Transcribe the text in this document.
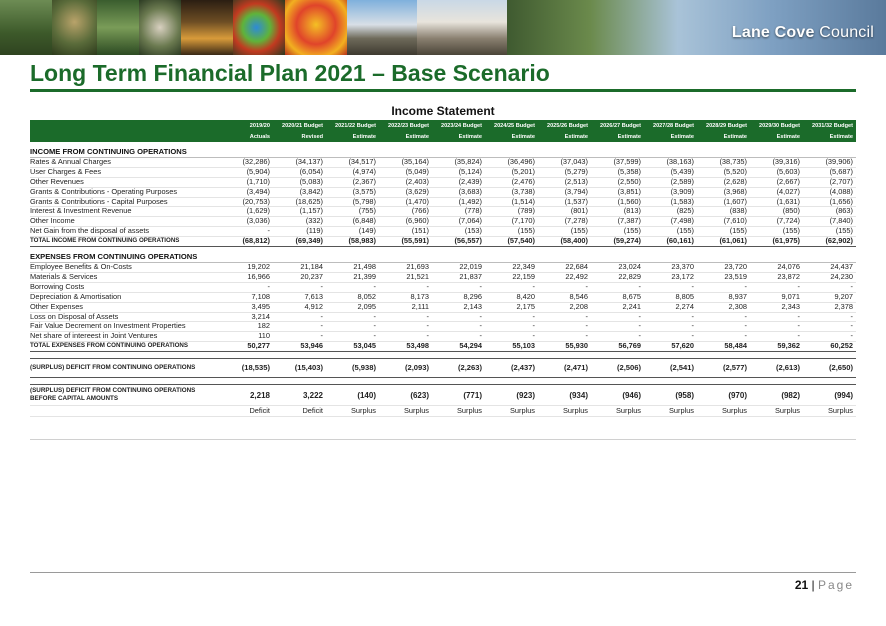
Lane Cove Council
Long Term Financial Plan 2021 – Base Scenario
Income Statement
	2019/20	2020/21 Budget	2021/22 Budget	2022/23 Budget	2023/24 Budget	2024/25 Budget	2025/26 Budget	2026/27 Budget	2027/28 Budget	2028/29 Budget	2029/30 Budget	2031/32 Budget
	Actuals	Revised	Estimate	Estimate	Estimate	Estimate	Estimate	Estimate	Estimate	Estimate	Estimate	Estimate

INCOME FROM CONTINUING OPERATIONS												
Rates & Annual Charges	(32,286)	(34,137)	(34,517)	(35,164)	(35,824)	(36,496)	(37,043)	(37,599)	(38,163)	(38,735)	(39,316)	(39,906)
User Charges & Fees	(5,904)	(6,054)	(4,974)	(5,049)	(5,124)	(5,201)	(5,279)	(5,358)	(5,439)	(5,520)	(5,603)	(5,687)
Other Revenues	(1,710)	(5,083)	(2,367)	(2,403)	(2,439)	(2,476)	(2,513)	(2,550)	(2,589)	(2,628)	(2,667)	(2,707)
Grants & Contributions - Operating Purposes	(3,494)	(3,842)	(3,575)	(3,629)	(3,683)	(3,738)	(3,794)	(3,851)	(3,909)	(3,968)	(4,027)	(4,088)
Grants & Contributions - Capital Purposes	(20,753)	(18,625)	(5,798)	(1,470)	(1,492)	(1,514)	(1,537)	(1,560)	(1,583)	(1,607)	(1,631)	(1,656)
Interest & Investment Revenue	(1,629)	(1,157)	(755)	(766)	(778)	(789)	(801)	(813)	(825)	(838)	(850)	(863)
Other Income	(3,036)	(332)	(6,848)	(6,960)	(7,064)	(7,170)	(7,278)	(7,387)	(7,498)	(7,610)	(7,724)	(7,840)
Net Gain from the disposal of assets	-	(119)	(149)	(151)	(153)	(155)	(155)	(155)	(155)	(155)	(155)	(155)
TOTAL INCOME FROM CONTINUING OPERATIONS	(68,812)	(69,349)	(58,983)	(55,591)	(56,557)	(57,540)	(58,400)	(59,274)	(60,161)	(61,061)	(61,975)	(62,902)

EXPENSES FROM CONTINUING OPERATIONS												
Employee Benefits & On-Costs	19,202	21,184	21,498	21,693	22,019	22,349	22,684	23,024	23,370	23,720	24,076	24,437
Materials & Services	16,966	20,237	21,399	21,521	21,837	22,159	22,492	22,829	23,172	23,519	23,872	24,230
Borrowing Costs	-	-	-	-	-	-	-	-	-	-	-	-
Depreciation & Amortisation	7,108	7,613	8,052	8,173	8,296	8,420	8,546	8,675	8,805	8,937	9,071	9,207
Other Expenses	3,495	4,912	2,095	2,111	2,143	2,175	2,208	2,241	2,274	2,308	2,343	2,378
Loss on Disposal of Assets	3,214	-	-	-	-	-	-	-	-	-	-	-
Fair Value Decrement on Investment Properties	182	-	-	-	-	-	-	-	-	-	-	-
Net share of intereest in Joint Ventures	110	-	-	-	-	-	-	-	-	-	-	-
TOTAL EXPENSES FROM CONTINUING OPERATIONS	50,277	53,946	53,045	53,498	54,294	55,103	55,930	56,769	57,620	58,484	59,362	60,252

(SURPLUS) DEFICIT FROM CONTINUING OPERATIONS	(18,535)	(15,403)	(5,938)	(2,093)	(2,263)	(2,437)	(2,471)	(2,506)	(2,541)	(2,577)	(2,613)	(2,650)

(SURPLUS) DEFICIT FROM CONTINUING OPERATIONS BEFORE CAPITAL AMOUNTS	2,218	3,222	(140)	(623)	(771)	(923)	(934)	(946)	(958)	(970)	(982)	(994)
	Deficit	Deficit	Surplus	Surplus	Surplus	Surplus	Surplus	Surplus	Surplus	Surplus	Surplus	Surplus

21 | Page
